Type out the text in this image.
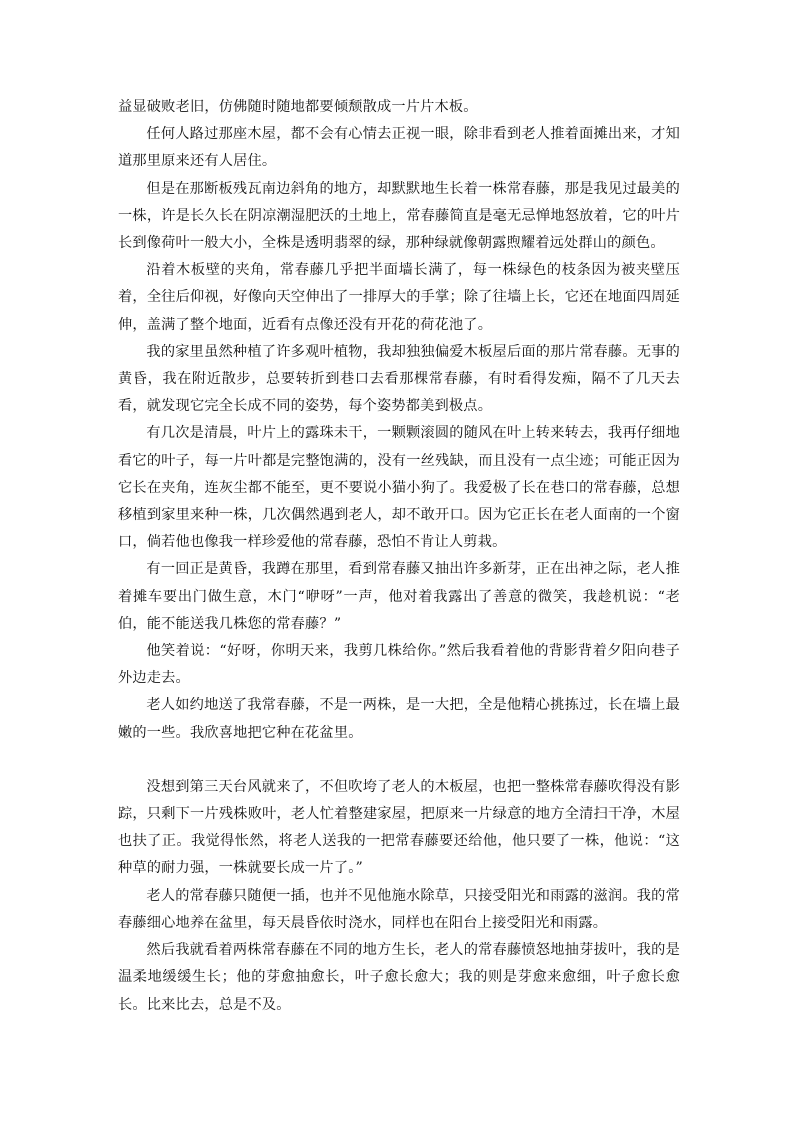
益显破败老旧，仿佛随时随地都要倾颓散成一片片木板。

任何人路过那座木屋，都不会有心情去正视一眼，除非看到老人推着面摊出来，才知道那里原来还有人居住。

但是在那断板残瓦南边斜角的地方，却默默地生长着一株常春藤，那是我见过最美的一株，许是长久长在阴凉潮湿肥沃的土地上，常春藤简直是毫无忌惮地怒放着，它的叶片长到像荷叶一般大小，全株是透明翡翠的绿，那种绿就像朝露煦耀着远处群山的颜色。

沿着木板壁的夹角，常春藤几乎把半面墙长满了，每一株绿色的枝条因为被夹壁压着，全往后仰视，好像向天空伸出了一排厚大的手掌；除了往墙上长，它还在地面四周延伸，盖满了整个地面，近看有点像还没有开花的荷花池了。

我的家里虽然种植了许多观叶植物，我却独独偏爱木板屋后面的那片常春藤。无事的黄昏，我在附近散步，总要转折到巷口去看那棵常春藤，有时看得发痴，隔不了几天去看，就发现它完全长成不同的姿势，每个姿势都美到极点。

有几次是清晨，叶片上的露珠未干，一颗颗滚圆的随风在叶上转来转去，我再仔细地看它的叶子，每一片叶都是完整饱满的，没有一丝残缺，而且没有一点尘迹；可能正因为它长在夹角，连灰尘都不能至，更不要说小猫小狗了。我爱极了长在巷口的常春藤，总想移植到家里来种一株，几次偶然遇到老人，却不敢开口。因为它正长在老人面南的一个窗口，倘若他也像我一样珍爱他的常春藤，恐怕不肯让人剪栽。

有一回正是黄昏，我蹲在那里，看到常春藤又抽出许多新芽，正在出神之际，老人推着摊车要出门做生意，木门“咿呀”一声，他对着我露出了善意的微笑，我趁机说：“老伯，能不能送我几株您的常春藤？”

他笑着说：“好呀，你明天来，我剪几株给你。”然后我看着他的背影背着夕阳向巷子外边走去。

老人如约地送了我常春藤，不是一两株，是一大把，全是他精心挑拣过，长在墙上最嫩的一些。我欣喜地把它种在花盆里。

没想到第三天台风就来了，不但吹垮了老人的木板屋，也把一整株常春藤吹得没有影踪，只剩下一片残株败叶，老人忙着整建家屋，把原来一片绿意的地方全清扫干净，木屋也扶了正。我觉得怅然，将老人送我的一把常春藤要还给他，他只要了一株，他说：“这种草的耐力强，一株就要长成一片了。”

老人的常春藤只随便一插，也并不见他施水除草，只接受阳光和雨露的滋润。我的常春藤细心地养在盆里，每天晨昏依时浇水，同样也在阳台上接受阳光和雨露。

然后我就看着两株常春藤在不同的地方生长，老人的常春藤愤怒地抽芽拔叶，我的是温柔地缓缓生长；他的芽愈抽愈长，叶子愈长愈大；我的则是芽愈来愈细，叶子愈长愈长。比来比去，总是不及。
